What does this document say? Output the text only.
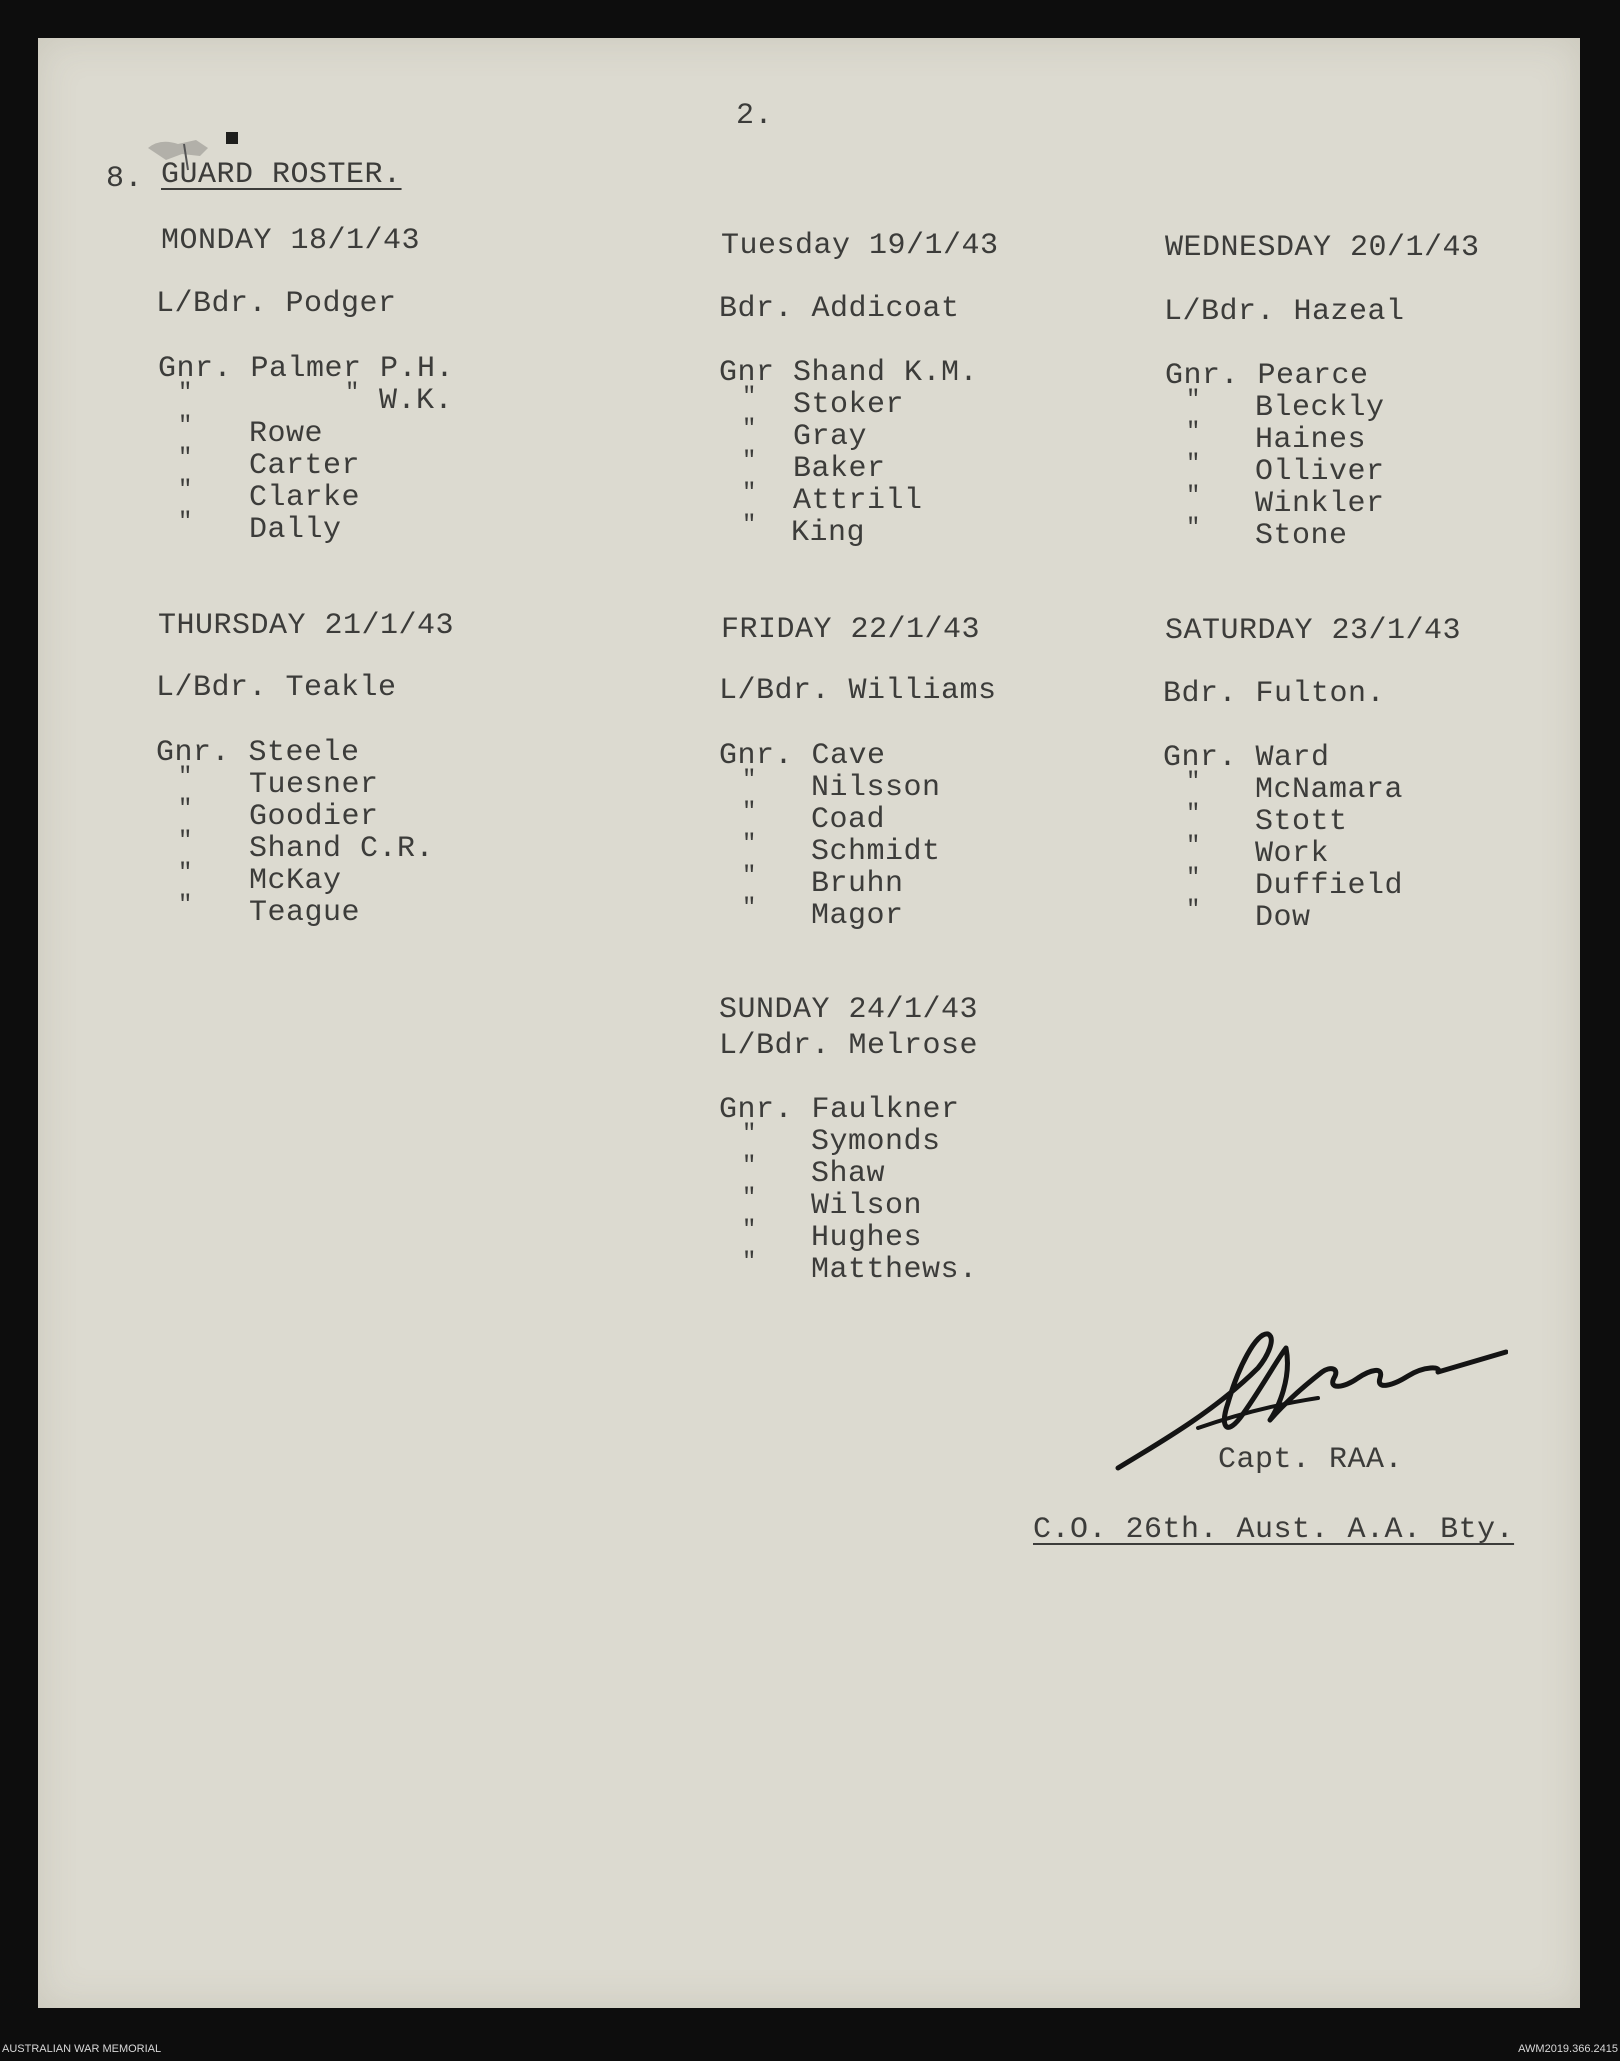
2.
8. GUARD ROSTER.
MONDAY 18/1/43
L/Bdr. Podger
Gnr. Palmer P.H.
"	" W.K.
" Rowe
" Carter
" Clarke
" Dally
Tuesday 19/1/43
Bdr. Addicoat
Gnr Shand K.M.
" Stoker
" Gray
" Baker
" Attrill
" King
WEDNESDAY 20/1/43
L/Bdr. Hazeal
Gnr. Pearce
" Bleckly
" Haines
" Olliver
" Winkler
" Stone
THURSDAY 21/1/43
L/Bdr. Teakle
Gnr. Steele
" Tuesner
" Goodier
" Shand C.R.
" McKay
" Teague
FRIDAY 22/1/43
L/Bdr. Williams
Gnr. Cave
" Nilsson
" Coad
" Schmidt
" Bruhn
" Magor
SATURDAY 23/1/43
Bdr. Fulton.
Gnr. Ward
" McNamara
" Stott
" Work
" Duffield
" Dow
SUNDAY 24/1/43
L/Bdr. Melrose
Gnr. Faulkner
" Symonds
" Shaw
" Wilson
" Hughes
" Matthews.
Capt. RAA.
C.O. 26th. Aust. A.A. Bty.
AUSTRALIAN WAR MEMORIAL	AWM2019.366.2415
